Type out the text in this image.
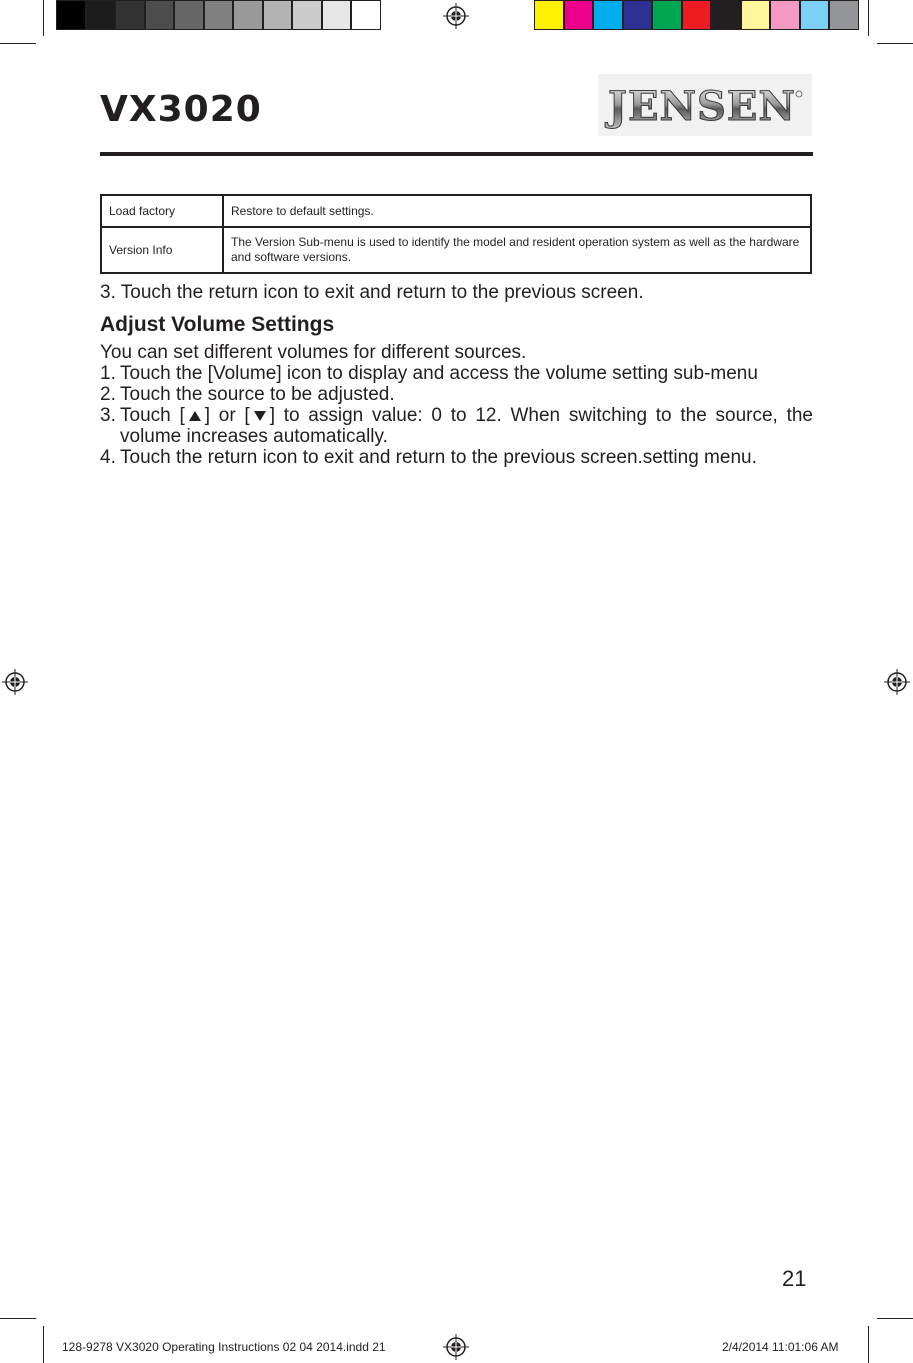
VX3020	JENSEN
Load factory	Restore to default settings.
Version Info	The Version Sub-menu is used to identify the model and resident operation system as well as the hardware and software versions.

3. Touch the return icon to exit and return to the previous screen.

Adjust Volume Settings

You can set different volumes for different sources.

1. Touch the [Volume] icon to display and access the volume setting sub-menu
2. Touch the source to be adjusted.
3. Touch [ ] or [ ] to assign value: 0 to 12. When switching to the source, the volume increases automatically.
4. Touch the return icon to exit and return to the previous screen.setting menu.
21
128-9278 VX3020 Operating Instructions 02 04 2014.indd 21	2/4/2014 11:01:06 AM
